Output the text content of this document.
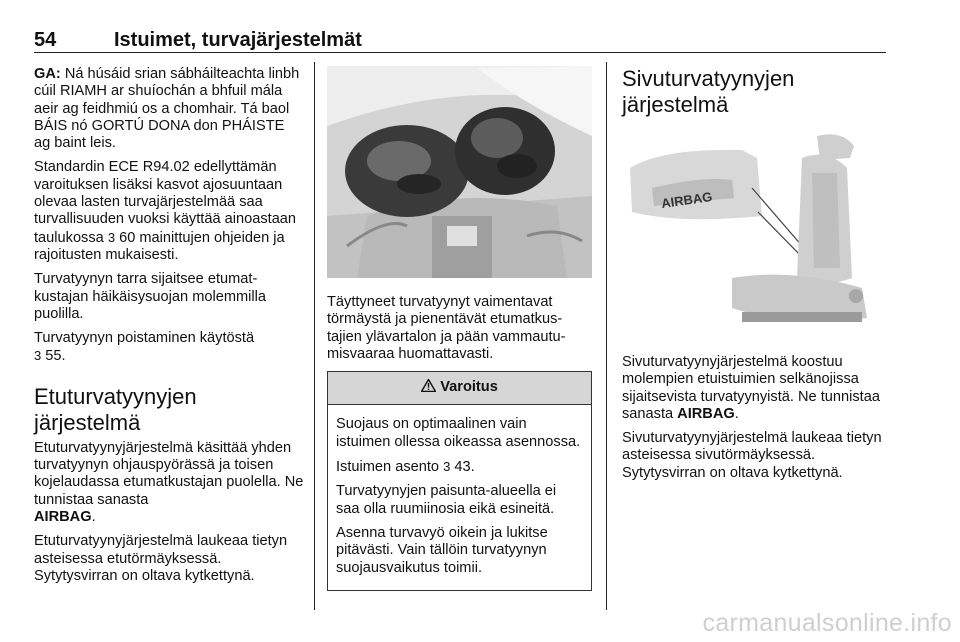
54	Istuimet, turvajärjestelmät

GA: Ná húsáid srian sábháilteachta linbh cúil RIAMH ar shuíochán a bhfuil mála aeir ag feidhmiú os a chomhair. Tá baol BÁIS nó GORTÚ DONA don PHÁISTE ag baint leis.

Standardin ECE R94.02 edellyttämän varoituksen lisäksi kasvot ajosuuntaan olevaa lasten turvajärjestelmää saa turvallisuuden vuoksi käyttää ainoastaan taulukossa 3 60 mainittujen ohjeiden ja rajoitusten mukaisesti.

Turvatyynyn tarra sijaitsee etumatkustajan häikäisysuojan molemmilla puolilla.

Turvatyynyn poistaminen käytöstä
3 55.

Etuturvatyynyjen järjestelmä

Etuturvatyynyjärjestelmä käsittää yhden turvatyynyn ohjauspyörässä ja toisen kojelaudassa etumatkustajan puolella. Ne tunnistaa sanasta
AIRBAG.

Etuturvatyynyjärjestelmä laukeaa tietyn asteisessa etutörmäyksessä. Sytytysvirran on oltava kytkettynä.

Täyttyneet turvatyynyt vaimentavat törmäystä ja pienentävät etumatkustajien ylävartalon ja pään vammautumisvaaraa huomattavasti.

Varoitus

Suojaus on optimaalinen vain istuimen ollessa oikeassa asennossa.

Istuimen asento 3 43.

Turvatyynyjen paisunta-alueella ei saa olla ruumiinosia eikä esineitä.

Asenna turvavyö oikein ja lukitse pitävästi. Vain tällöin turvatyynyn suojausvaikutus toimii.

Sivuturvatyynyjen järjestelmä
AIRBAG

Sivuturvatyynyjärjestelmä koostuu molempien etuistuimien selkänojissa sijaitsevista turvatyynyistä. Ne tunnistaa sanasta AIRBAG.

Sivuturvatyynyjärjestelmä laukeaa tietyn asteisessa sivutörmäyksessä. Sytytysvirran on oltava kytkettynä.

carmanualsonline.info
